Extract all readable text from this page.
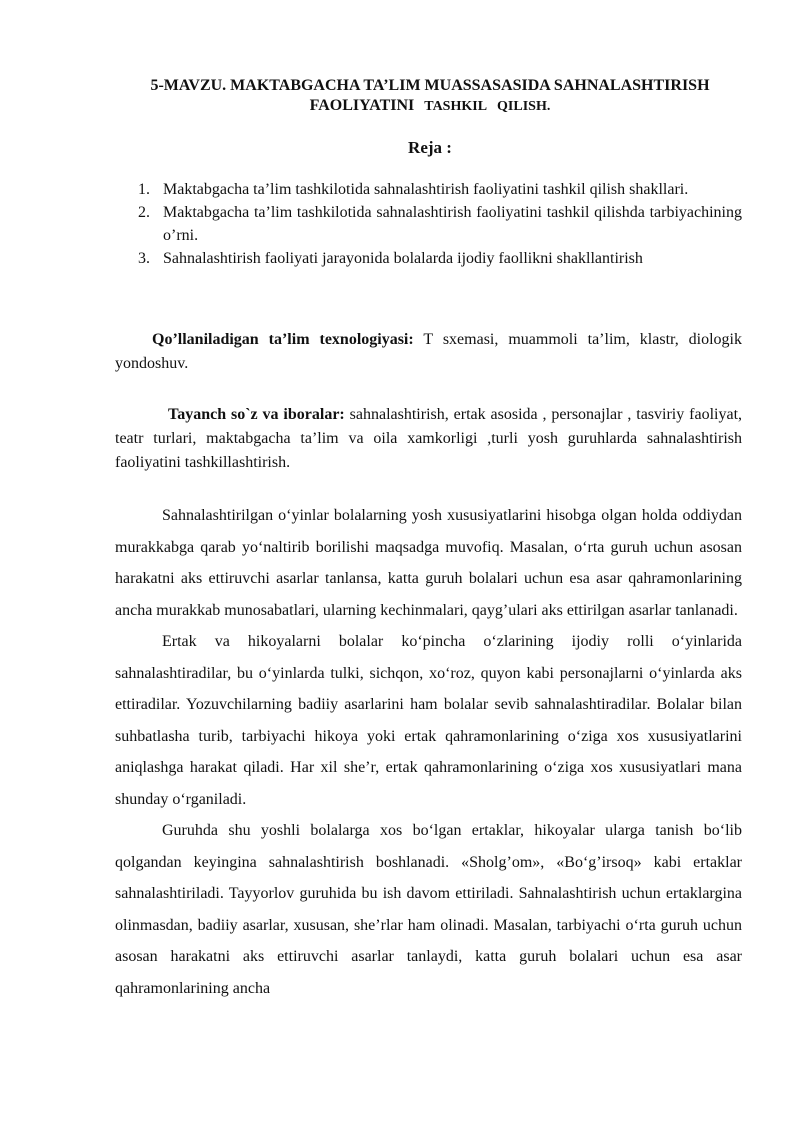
5-MAVZU. MAKTABGACHA TA’LIM MUASSASASIDA SAHNALASHTIRISH
FAOLIYATINI TASHKIL QILISH.
Reja :
1. Maktabgacha ta’lim tashkilotida sahnalashtirish faoliyatini tashkil qilish shakllari.
2. Maktabgacha ta’lim tashkilotida sahnalashtirish faoliyatini tashkil qilishda tarbiyachining o’rni.
3. Sahnalashtirish faoliyati jarayonida bolalarda ijodiy faollikni shakllantirish
Qo’llaniladigan ta’lim texnologiyasi: T sxemasi, muammoli ta’lim, klastr, diologik yondoshuv.
Tayanch so`z va iboralar: sahnalashtirish, ertak asosida , personajlar , tasviriy faoliyat, teatr turlari, maktabgacha ta’lim va oila xamkorligi ,turli yosh guruhlarda sahnalashtirish faoliyatini tashkillashtirish.

Sahnalashtirilgan o‘yinlar bolalarning yosh xususiyatlarini hisobga olgan holda oddiydan murakkabga qarab yo‘naltirib borilishi maqsadga muvofiq. Masalan, o‘rta guruh uchun asosan harakatni aks ettiruvchi asarlar tanlansa, katta guruh bolalari uchun esa asar qahramonlarining ancha murakkab munosabatlari, ularning kechinmalari, qayg’ulari aks ettirilgan asarlar tanlanadi.

Ertak va hikoyalarni bolalar ko‘pincha o‘zlarining ijodiy rolli o‘yinlarida sahnalashtiradilar, bu o‘yinlarda tulki, sichqon, xo‘roz, quyon kabi personajlarni o‘yinlarda aks ettiradilar. Yozuvchilarning badiiy asarlarini ham bolalar sevib sahnalashtiradilar. Bolalar bilan suhbatlasha turib, tarbiyachi hikoya yoki ertak qahramonlarining o‘ziga xos xususiyatlarini aniqlashga harakat qiladi. Har xil she’r, ertak qahramonlarining o‘ziga xos xususiyatlari mana shunday o‘rganiladi.

Guruhda shu yoshli bolalarga xos bo‘lgan ertaklar, hikoyalar ularga tanish bo‘lib qolgandan keyingina sahnalashtirish boshlanadi. «Sholg’om», «Bo‘g’irsoq» kabi ertaklar sahnalashtiriladi. Tayyorlov guruhida bu ish davom ettiriladi. Sahnalashtirish uchun ertaklargina olinmasdan, badiiy asarlar, xususan, she’rlar ham olinadi. Masalan, tarbiyachi o‘rta guruh uchun asosan harakatni aks ettiruvchi asarlar tanlaydi, katta guruh bolalari uchun esa asar qahramonlarining ancha
